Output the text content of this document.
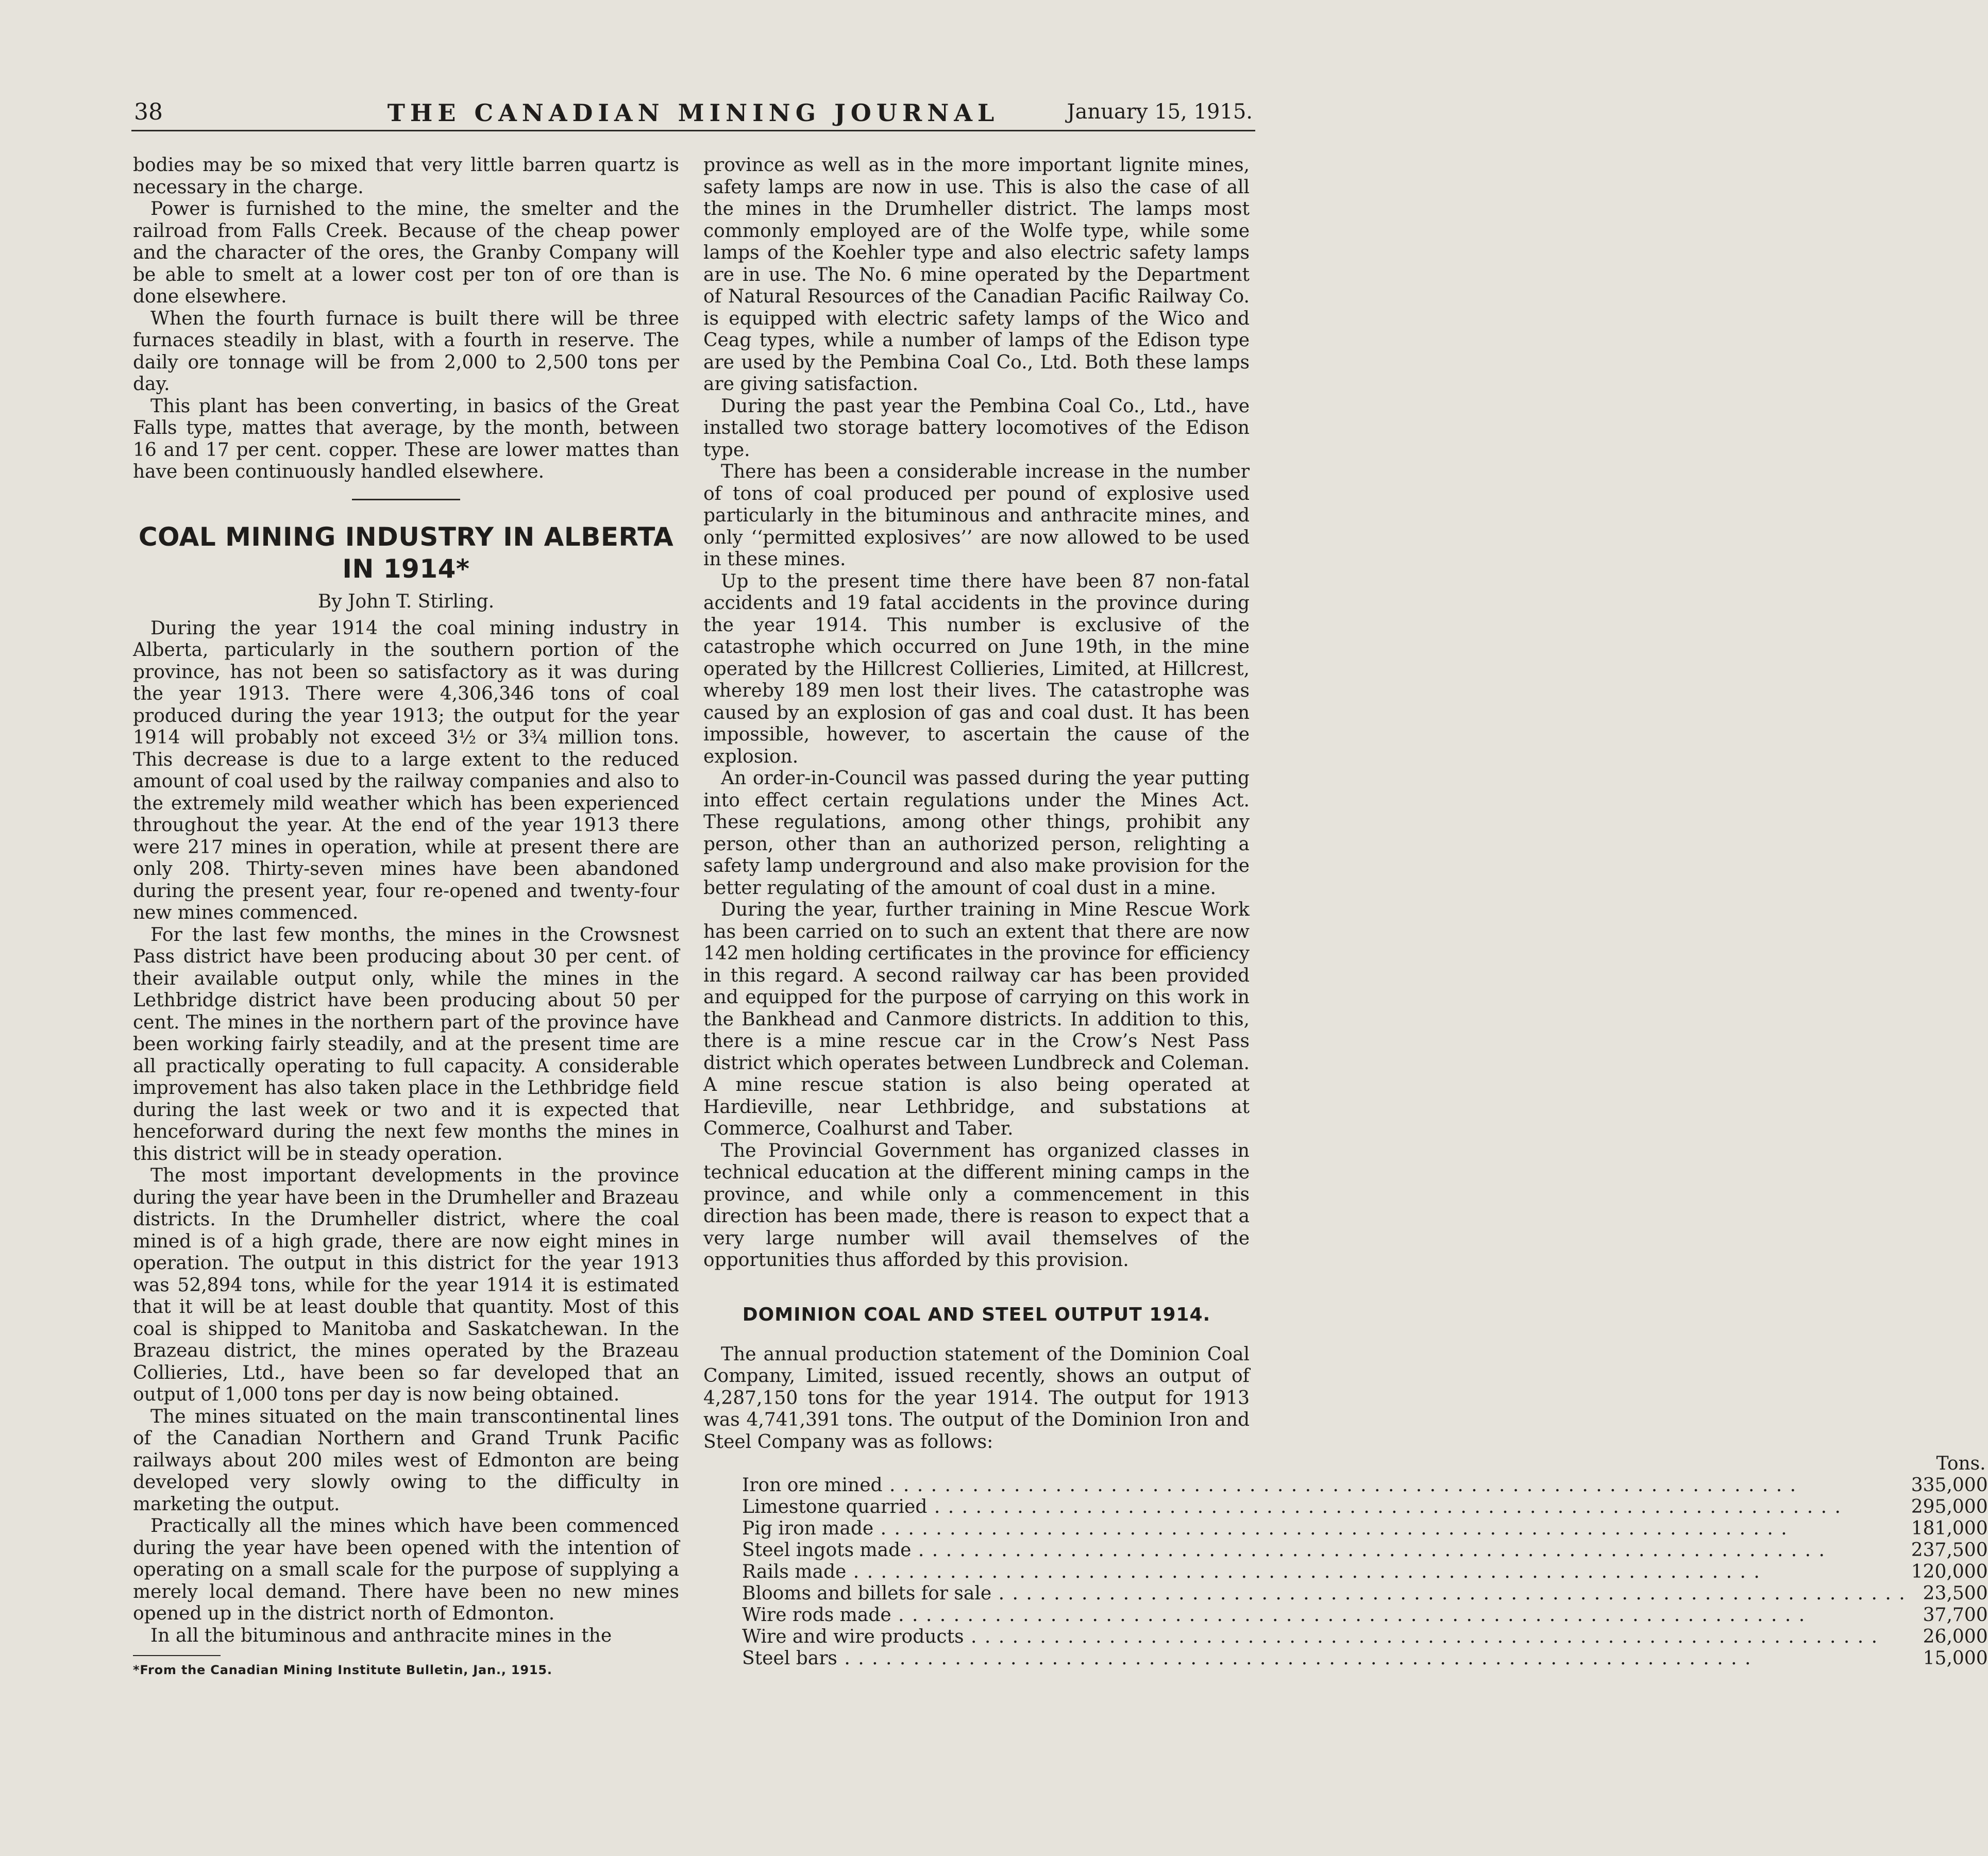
38	THE CANADIAN MINING JOURNAL	January 15, 1915.

bodies may be so mixed that very little barren quartz is necessary in the charge.

Power is furnished to the mine, the smelter and the railroad from Falls Creek. Because of the cheap power and the character of the ores, the Granby Company will be able to smelt at a lower cost per ton of ore than is done elsewhere.

When the fourth furnace is built there will be three furnaces steadily in blast, with a fourth in reserve. The daily ore tonnage will be from 2,000 to 2,500 tons per day.

This plant has been converting, in basics of the Great Falls type, mattes that average, by the month, between 16 and 17 per cent. copper. These are lower mattes than have been continuously handled elsewhere.

COAL MINING INDUSTRY IN ALBERTA IN 1914*
By John T. Stirling.

During the year 1914 the coal mining industry in Alberta, particularly in the southern portion of the province, has not been so satisfactory as it was during the year 1913. There were 4,306,346 tons of coal produced during the year 1913; the output for the year 1914 will probably not exceed 3½ or 3¾ million tons. This decrease is due to a large extent to the reduced amount of coal used by the railway companies and also to the extremely mild weather which has been experienced throughout the year. At the end of the year 1913 there were 217 mines in operation, while at present there are only 208. Thirty-seven mines have been abandoned during the present year, four re-opened and twenty-four new mines commenced.

For the last few months, the mines in the Crowsnest Pass district have been producing about 30 per cent. of their available output only, while the mines in the Lethbridge district have been producing about 50 per cent. The mines in the northern part of the province have been working fairly steadily, and at the present time are all practically operating to full capacity. A considerable improvement has also taken place in the Lethbridge field during the last week or two and it is expected that henceforward during the next few months the mines in this district will be in steady operation.

The most important developments in the province during the year have been in the Drumheller and Brazeau districts. In the Drumheller district, where the coal mined is of a high grade, there are now eight mines in operation. The output in this district for the year 1913 was 52,894 tons, while for the year 1914 it is estimated that it will be at least double that quantity. Most of this coal is shipped to Manitoba and Saskatchewan. In the Brazeau district, the mines operated by the Brazeau Collieries, Ltd., have been so far developed that an output of 1,000 tons per day is now being obtained.

The mines situated on the main transcontinental lines of the Canadian Northern and Grand Trunk Pacific railways about 200 miles west of Edmonton are being developed very slowly owing to the difficulty in marketing the output.

Practically all the mines which have been commenced during the year have been opened with the intention of operating on a small scale for the purpose of supplying a merely local demand. There have been no new mines opened up in the district north of Edmonton.

In all the bituminous and anthracite mines in the

*From the Canadian Mining Institute Bulletin, Jan., 1915.

province as well as in the more important lignite mines, safety lamps are now in use. This is also the case of all the mines in the Drumheller district. The lamps most commonly employed are of the Wolfe type, while some lamps of the Koehler type and also electric safety lamps are in use. The No. 6 mine operated by the Department of Natural Resources of the Canadian Pacific Railway Co. is equipped with electric safety lamps of the Wico and Ceag types, while a number of lamps of the Edison type are used by the Pembina Coal Co., Ltd. Both these lamps are giving satisfaction.

During the past year the Pembina Coal Co., Ltd., have installed two storage battery locomotives of the Edison type.

There has been a considerable increase in the number of tons of coal produced per pound of explosive used particularly in the bituminous and anthracite mines, and only ‘‘permitted explosives’’ are now allowed to be used in these mines.

Up to the present time there have been 87 non-fatal accidents and 19 fatal accidents in the province during the year 1914. This number is exclusive of the catastrophe which occurred on June 19th, in the mine operated by the Hillcrest Collieries, Limited, at Hillcrest, whereby 189 men lost their lives. The catastrophe was caused by an explosion of gas and coal dust. It has been impossible, however, to ascertain the cause of the explosion.

An order-in-Council was passed during the year putting into effect certain regulations under the Mines Act. These regulations, among other things, prohibit any person, other than an authorized person, relighting a safety lamp underground and also make provision for the better regulating of the amount of coal dust in a mine.

During the year, further training in Mine Rescue Work has been carried on to such an extent that there are now 142 men holding certificates in the province for efficiency in this regard. A second railway car has been provided and equipped for the purpose of carrying on this work in the Bankhead and Canmore districts. In addition to this, there is a mine rescue car in the Crow’s Nest Pass district which operates between Lundbreck and Coleman. A mine rescue station is also being operated at Hardieville, near Lethbridge, and substations at Commerce, Coalhurst and Taber.

The Provincial Government has organized classes in technical education at the different mining camps in the province, and while only a commencement in this direction has been made, there is reason to expect that a very large number will avail themselves of the opportunities thus afforded by this provision.

DOMINION COAL AND STEEL OUTPUT 1914.

The annual production statement of the Dominion Coal Company, Limited, issued recently, shows an output of 4,287,150 tons for the year 1914. The output for 1913 was 4,741,391 tons. The output of the Dominion Iron and Steel Company was as follows:

	Tons.
Iron ore mined . . .	335,000
Limestone quarried . . .	295,000
Pig iron made . . .	181,000
Steel ingots made . . .	237,500
Rails made . . .	120,000
Blooms and billets for sale . . .	23,500
Wire rods made . . .	37,700
Wire and wire products . . .	26,000
Steel bars . . .	15,000
